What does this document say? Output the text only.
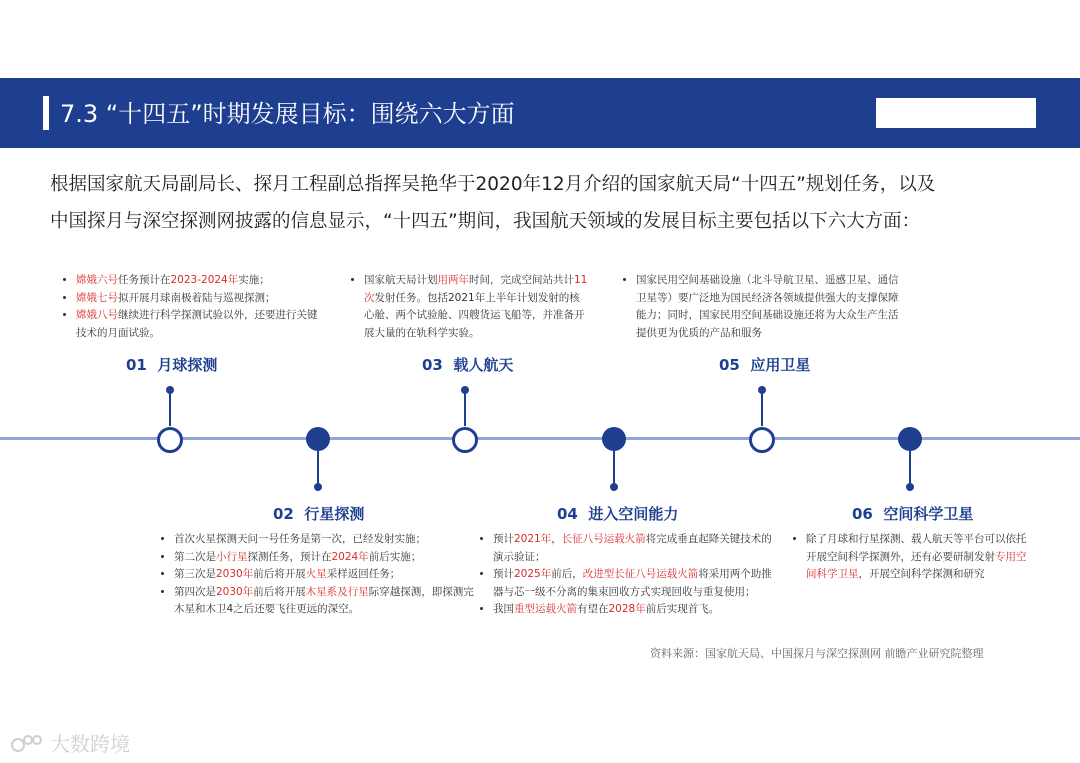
7.3 “十四五”时期发展目标：围绕六大方面
根据国家航天局副局长、探月工程副总指挥吴艳华于2020年12月介绍的国家航天局“十四五”规划任务，以及
中国探月与深空探测网披露的信息显示，“十四五”期间，我国航天领域的发展目标主要包括以下六大方面：
01 月球探测
02 行星探测
03 载人航天
04 进入空间能力
05 应用卫星
06 空间科学卫星
• 嫦娥六号任务预计在2023-2024年实施；
• 嫦娥七号拟开展月球南极着陆与巡视探测；
• 嫦娥八号继续进行科学探测试验以外，还要进行关键技术的月面试验。
• 国家航天局计划用两年时间，完成空间站共计11次发射任务。包括2021年上半年计划发射的核心舱、两个试验舱、四艘货运飞船等，并准备开展大量的在轨科学实验。
• 国家民用空间基础设施（北斗导航卫星、遥感卫星、通信卫星等）要广泛地为国民经济各领域提供强大的支撑保障能力；同时，国家民用空间基础设施还将为大众生产生活提供更为优质的产品和服务
• 首次火星探测天问一号任务是第一次，已经发射实施；
• 第二次是小行星探测任务，预计在2024年前后实施；
• 第三次是2030年前后将开展火星采样返回任务；
• 第四次是2030年前后将开展木星系及行星际穿越探测，即探测完木星和木卫4之后还要飞往更远的深空。
• 预计2021年，长征八号运载火箭将完成垂直起降关键技术的演示验证；
• 预计2025年前后，改进型长征八号运载火箭将采用两个助推器与芯一级不分离的集束回收方式实现回收与重复使用；
• 我国重型运载火箭有望在2028年前后实现首飞。
• 除了月球和行星探测、载人航天等平台可以依托开展空间科学探测外，还有必要研制发射专用空间科学卫星，开展空间科学探测和研究
资料来源：国家航天局、中国探月与深空探测网 前瞻产业研究院整理
大数跨境
